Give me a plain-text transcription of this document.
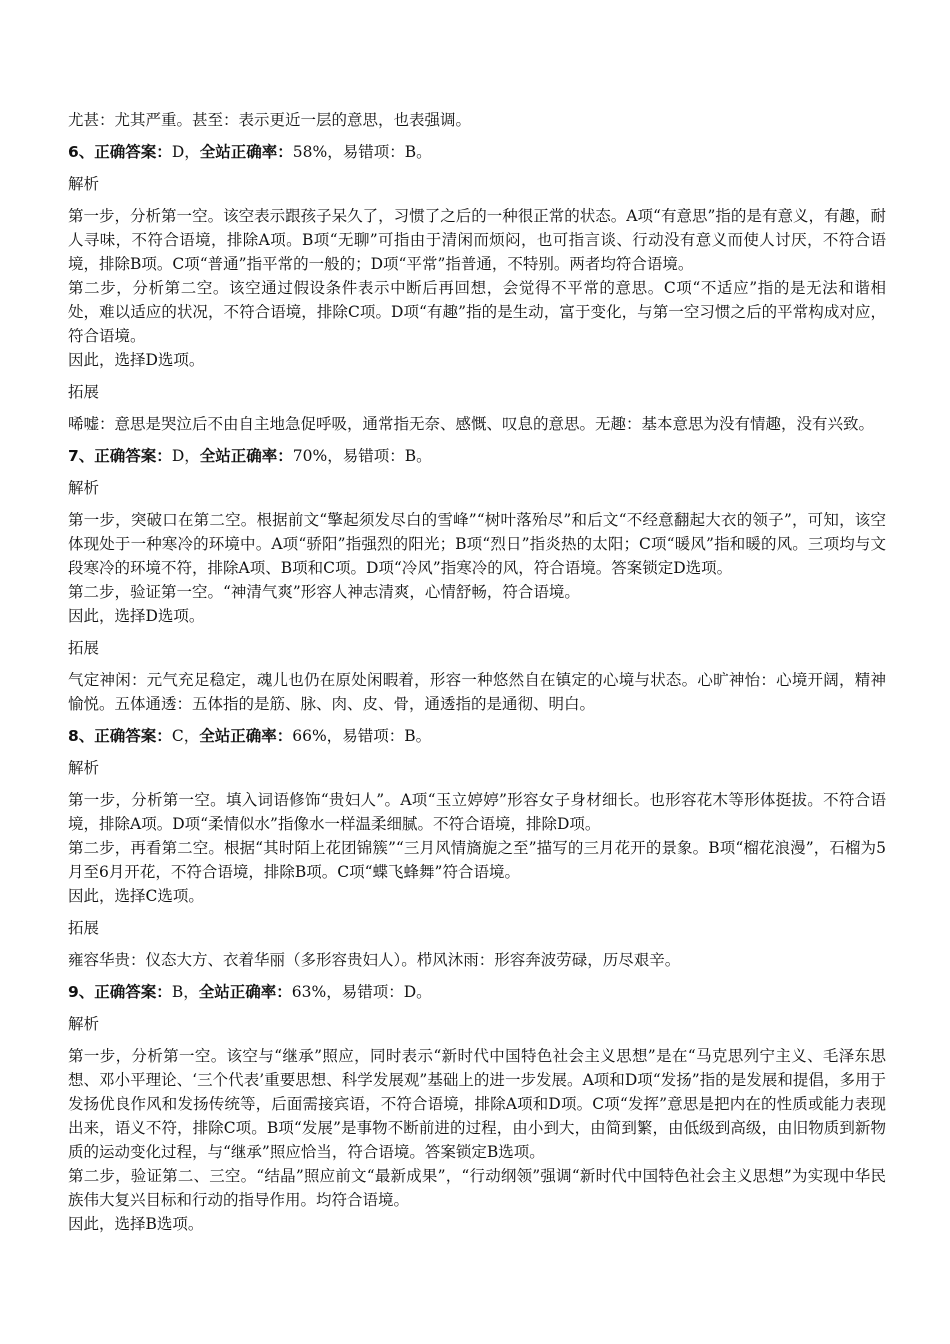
尤甚：尤其严重。甚至：表示更近一层的意思，也表强调。

6、正确答案：D，全站正确率：58%，易错项：B。

解析

第一步，分析第一空。该空表示跟孩子呆久了，习惯了之后的一种很正常的状态。A项“有意思”指的是有意义，有趣，耐人寻味，不符合语境，排除A项。B项“无聊”可指由于清闲而烦闷，也可指言谈、行动没有意义而使人讨厌，不符合语境，排除B项。C项“普通”指平常的一般的；D项“平常”指普通，不特别。两者均符合语境。

第二步，分析第二空。该空通过假设条件表示中断后再回想，会觉得不平常的意思。C项“不适应”指的是无法和谐相处，难以适应的状况，不符合语境，排除C项。D项“有趣”指的是生动，富于变化，与第一空习惯之后的平常构成对应，符合语境。

因此，选择D选项。

拓展

唏嘘：意思是哭泣后不由自主地急促呼吸，通常指无奈、感慨、叹息的意思。无趣：基本意思为没有情趣，没有兴致。

7、正确答案：D，全站正确率：70%，易错项：B。

解析

第一步，突破口在第二空。根据前文“擎起须发尽白的雪峰”“树叶落殆尽”和后文“不经意翻起大衣的领子”，可知，该空体现处于一种寒冷的环境中。A项“骄阳”指强烈的阳光；B项“烈日”指炎热的太阳；C项“暖风”指和暖的风。三项均与文段寒冷的环境不符，排除A项、B项和C项。D项“冷风”指寒冷的风，符合语境。答案锁定D选项。

第二步，验证第一空。“神清气爽”形容人神志清爽，心情舒畅，符合语境。

因此，选择D选项。

拓展

气定神闲：元气充足稳定，魂儿也仍在原处闲暇着，形容一种悠然自在镇定的心境与状态。心旷神怡：心境开阔，精神愉悦。五体通透：五体指的是筋、脉、肉、皮、骨，通透指的是通彻、明白。

8、正确答案：C，全站正确率：66%，易错项：B。

解析

第一步，分析第一空。填入词语修饰“贵妇人”。A项“玉立婷婷”形容女子身材细长。也形容花木等形体挺拔。不符合语境，排除A项。D项“柔情似水”指像水一样温柔细腻。不符合语境，排除D项。

第二步，再看第二空。根据“其时陌上花团锦簇”“三月风情旖旎之至”描写的三月花开的景象。B项“榴花浪漫”，石榴为5月至6月开花，不符合语境，排除B项。C项“蝶飞蜂舞”符合语境。

因此，选择C选项。

拓展

雍容华贵：仪态大方、衣着华丽（多形容贵妇人）。栉风沐雨：形容奔波劳碌，历尽艰辛。

9、正确答案：B，全站正确率：63%，易错项：D。

解析

第一步，分析第一空。该空与“继承”照应，同时表示“新时代中国特色社会主义思想”是在“马克思列宁主义、毛泽东思想、邓小平理论、‘三个代表’重要思想、科学发展观”基础上的进一步发展。A项和D项“发扬”指的是发展和提倡，多用于发扬优良作风和发扬传统等，后面需接宾语，不符合语境，排除A项和D项。C项“发挥”意思是把内在的性质或能力表现出来，语义不符，排除C项。B项“发展”是事物不断前进的过程，由小到大，由简到繁，由低级到高级，由旧物质到新物质的运动变化过程，与“继承”照应恰当，符合语境。答案锁定B选项。

第二步，验证第二、三空。“结晶”照应前文“最新成果”，“行动纲领”强调“新时代中国特色社会主义思想”为实现中华民族伟大复兴目标和行动的指导作用。均符合语境。

因此，选择B选项。
